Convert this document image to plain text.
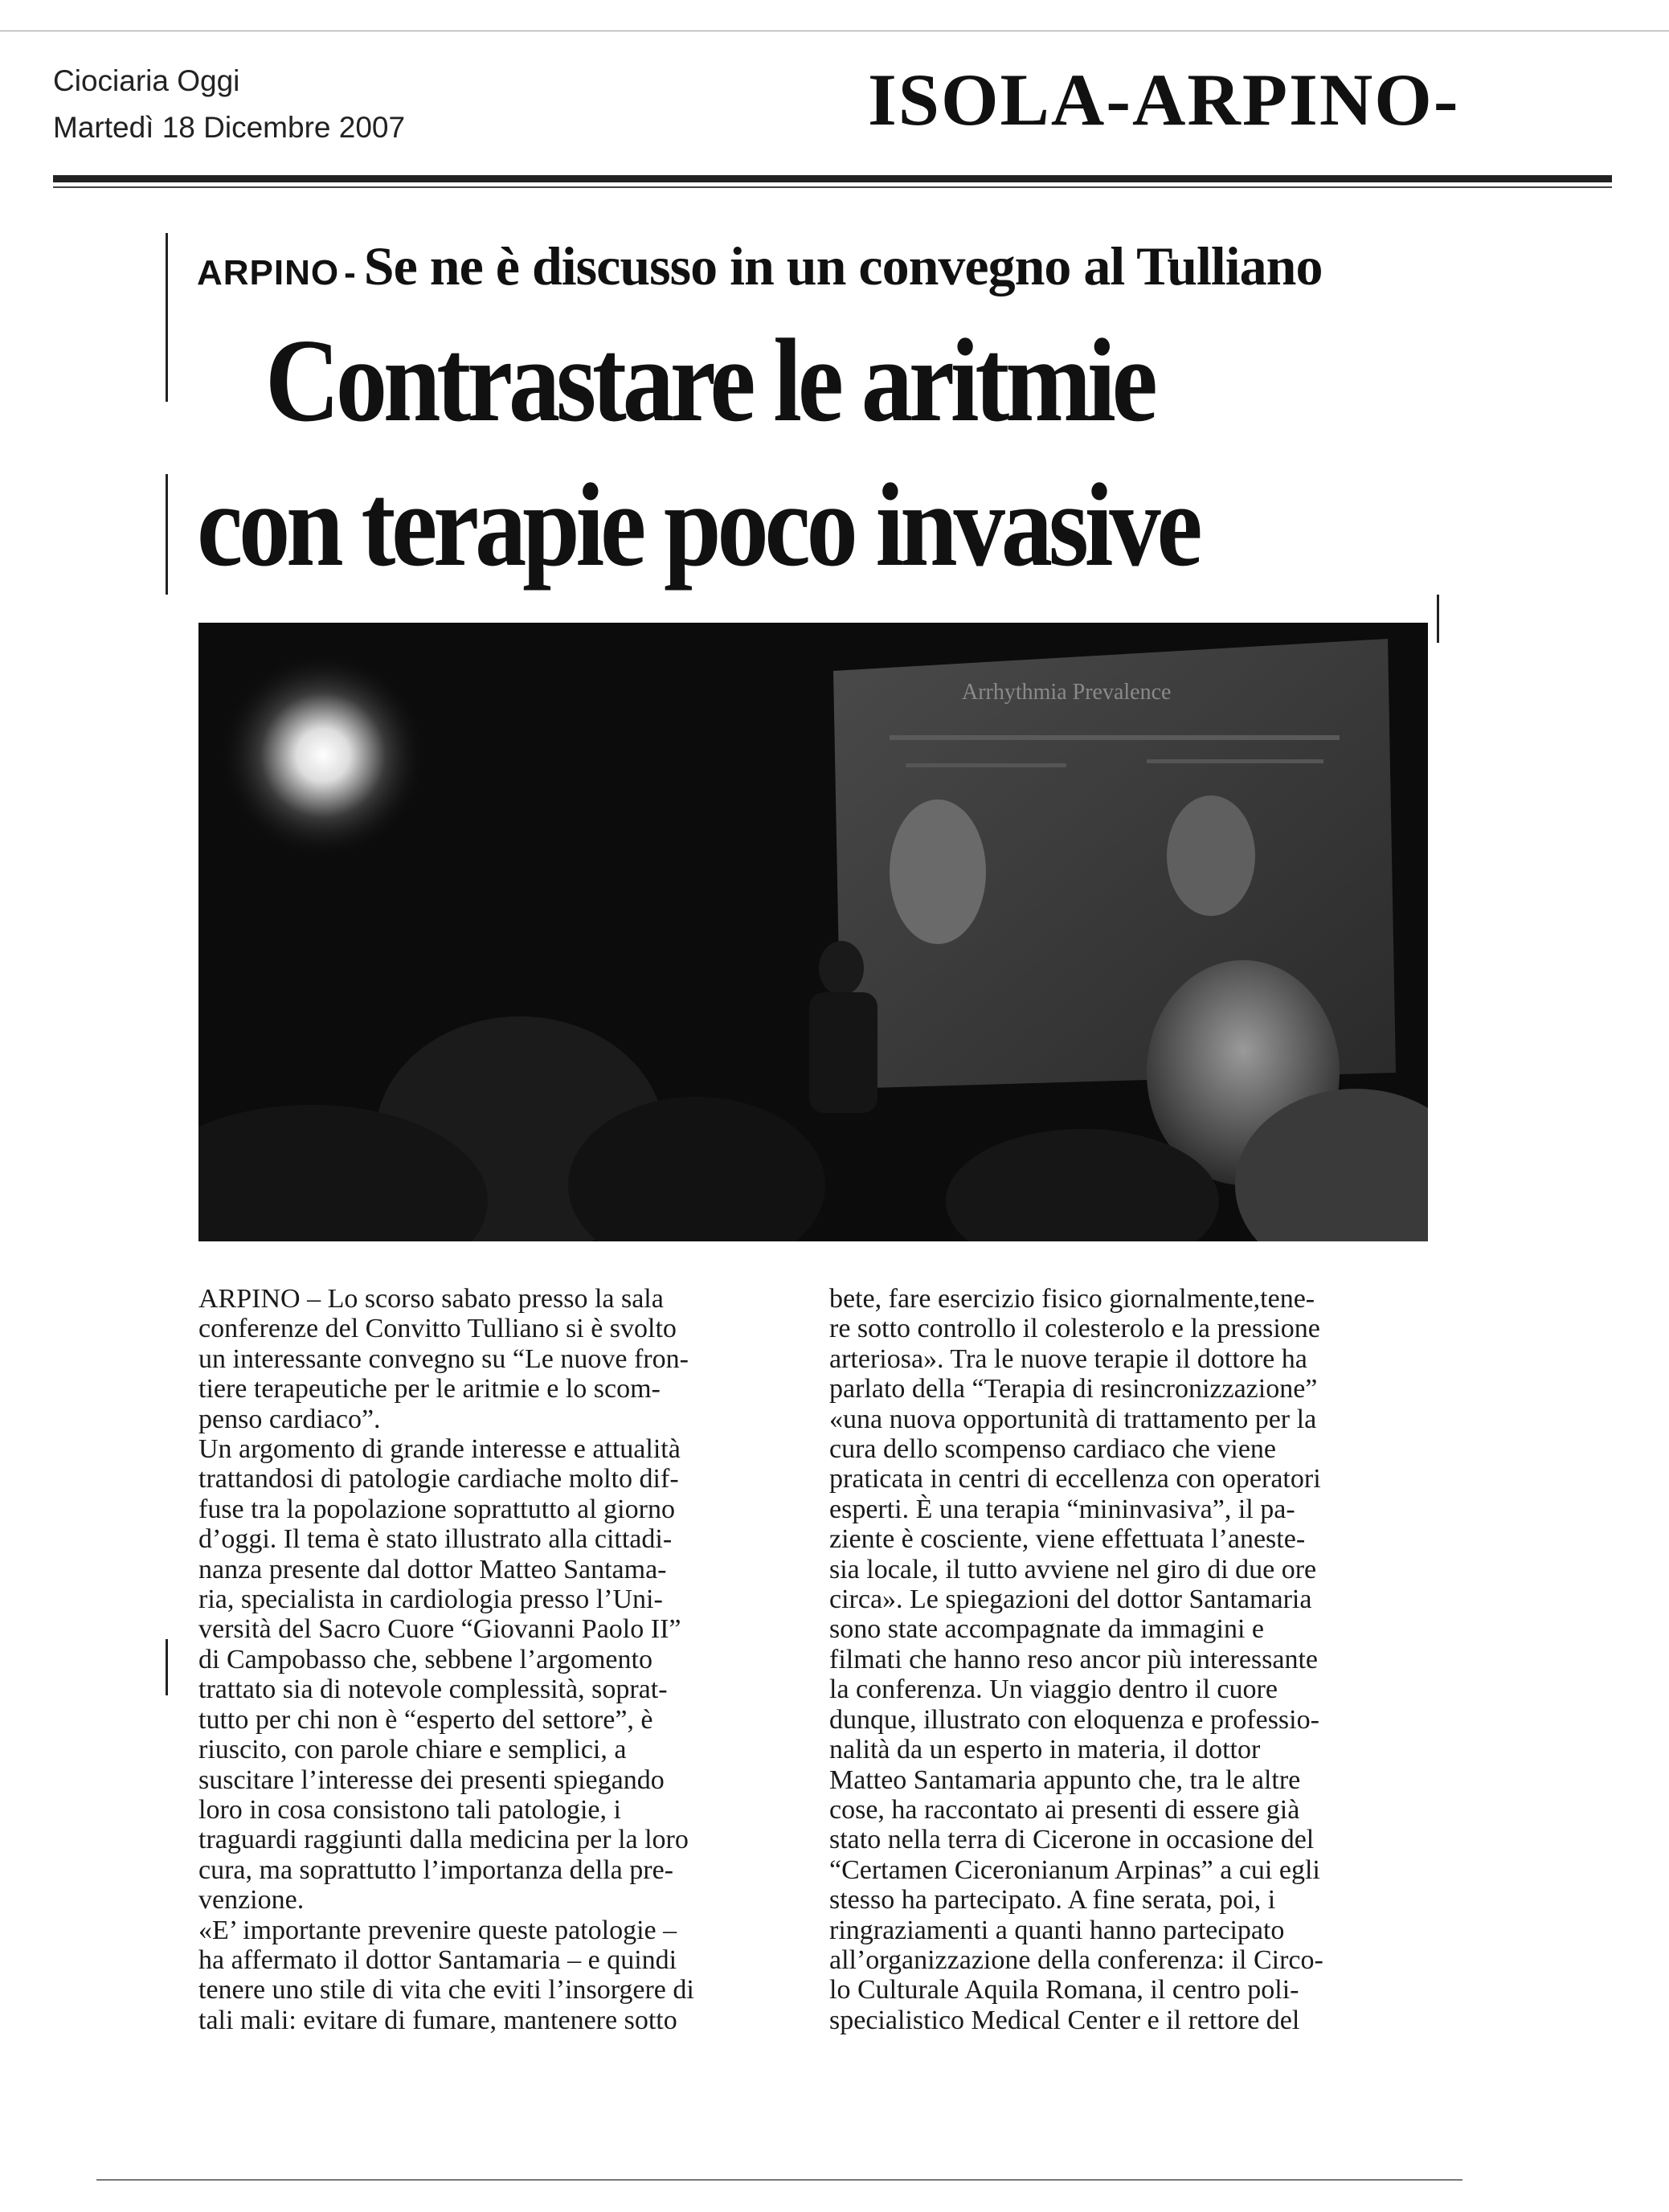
Ciociaria Oggi
Martedì 18 Dicembre 2007	ISOLA-ARPINO-
ARPINO - Se ne è discusso in un convegno al Tulliano
Contrastare le aritmie
con terapie poco invasive
Arrhythmia Prevalence

ARPINO – Lo scorso sabato presso la sala
conferenze del Convitto Tulliano si è svolto
un interessante convegno su “Le nuove fron-
tiere terapeutiche per le aritmie e lo scom-
penso cardiaco”.

Un argomento di grande interesse e attualità
trattandosi di patologie cardiache molto dif-
fuse tra la popolazione soprattutto al giorno
d’oggi. Il tema è stato illustrato alla cittadi-
nanza presente dal dottor Matteo Santama-
ria, specialista in cardiologia presso l’Uni-
versità del Sacro Cuore “Giovanni Paolo II”
di Campobasso che, sebbene l’argomento
trattato sia di notevole complessità, soprat-
tutto per chi non è “esperto del settore”, è
riuscito, con parole chiare e semplici, a
suscitare l’interesse dei presenti spiegando
loro in cosa consistono tali patologie, i
traguardi raggiunti dalla medicina per la loro
cura, ma soprattutto l’importanza della pre-
venzione.

«E’ importante prevenire queste patologie –
ha affermato il dottor Santamaria – e quindi
tenere uno stile di vita che eviti l’insorgere di
tali mali: evitare di fumare, mantenere sotto

bete, fare esercizio fisico giornalmente,tene-
re sotto controllo il colesterolo e la pressione
arteriosa». Tra le nuove terapie il dottore ha
parlato della “Terapia di resincronizzazione”
«una nuova opportunità di trattamento per la
cura dello scompenso cardiaco che viene
praticata in centri di eccellenza con operatori
esperti. È una terapia “mininvasiva”, il pa-
ziente è cosciente, viene effettuata l’aneste-
sia locale, il tutto avviene nel giro di due ore
circa». Le spiegazioni del dottor Santamaria
sono state accompagnate da immagini e
filmati che hanno reso ancor più interessante
la conferenza. Un viaggio dentro il cuore
dunque, illustrato con eloquenza e professio-
nalità da un esperto in materia, il dottor
Matteo Santamaria appunto che, tra le altre
cose, ha raccontato ai presenti di essere già
stato nella terra di Cicerone in occasione del
“Certamen Ciceronianum Arpinas” a cui egli
stesso ha partecipato. A fine serata, poi, i
ringraziamenti a quanti hanno partecipato
all’organizzazione della conferenza: il Circo-
lo Culturale Aquila Romana, il centro poli-
specialistico Medical Center e il rettore del
